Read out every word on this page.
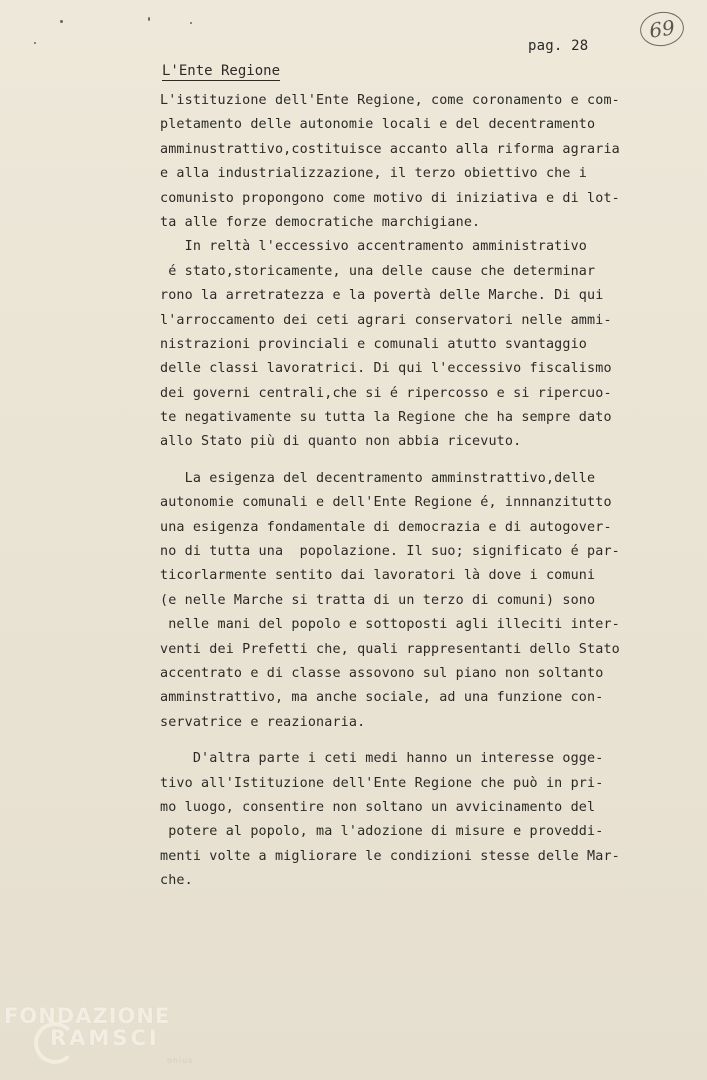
69
pag. 28
L'Ente Regione
L'istituzione dell'Ente Regione, come coronamento e com-
pletamento delle autonomie locali e del decentramento
amminustrattivo,costituisce accanto alla riforma agraria
e alla industrializzazione, il terzo obiettivo che i
comunisto propongono come motivo di iniziativa e di lot-
ta alle forze democratiche marchigiane.
In reltà l'eccessivo accentramento amministrativo
é stato,storicamente, una delle cause che determinar
rono la arretratezza e la povertà delle Marche. Di qui
l'arroccamento dei ceti agrari conservatori nelle ammi-
nistrazioni provinciali e comunali atutto svantaggio
delle classi lavoratrici. Di qui l'eccessivo fiscalismo
dei governi centrali,che si é ripercosso e si ripercuo-
te negativamente su tutta la Regione che ha sempre dato
allo Stato più di quanto non abbia ricevuto.
La esigenza del decentramento amminstrattivo,delle
autonomie comunali e dell'Ente Regione é, innnanzitutto
una esigenza fondamentale di democrazia e di autogover-
no di tutta una  popolazione. Il suo; significato é par-
ticorlarmente sentito dai lavoratori là dove i comuni
(e nelle Marche si tratta di un terzo di comuni) sono
nelle mani del popolo e sottoposti agli illeciti inter-
venti dei Prefetti che, quali rappresentanti dello Stato
accentrato e di classe assovono sul piano non soltanto
amminstrattivo, ma anche sociale, ad una funzione con-
servatrice e reazionaria.
D'altra parte i ceti medi hanno un interesse ogge-
tivo all'Istituzione dell'Ente Regione che può in pri-
mo luogo, consentire non soltano un avvicinamento del
potere al popolo, ma l'adozione di misure e proveddi-
menti volte a migliorare le condizioni stesse delle Mar-
che.
FONDAZIONE
RAMSCI
onlus
